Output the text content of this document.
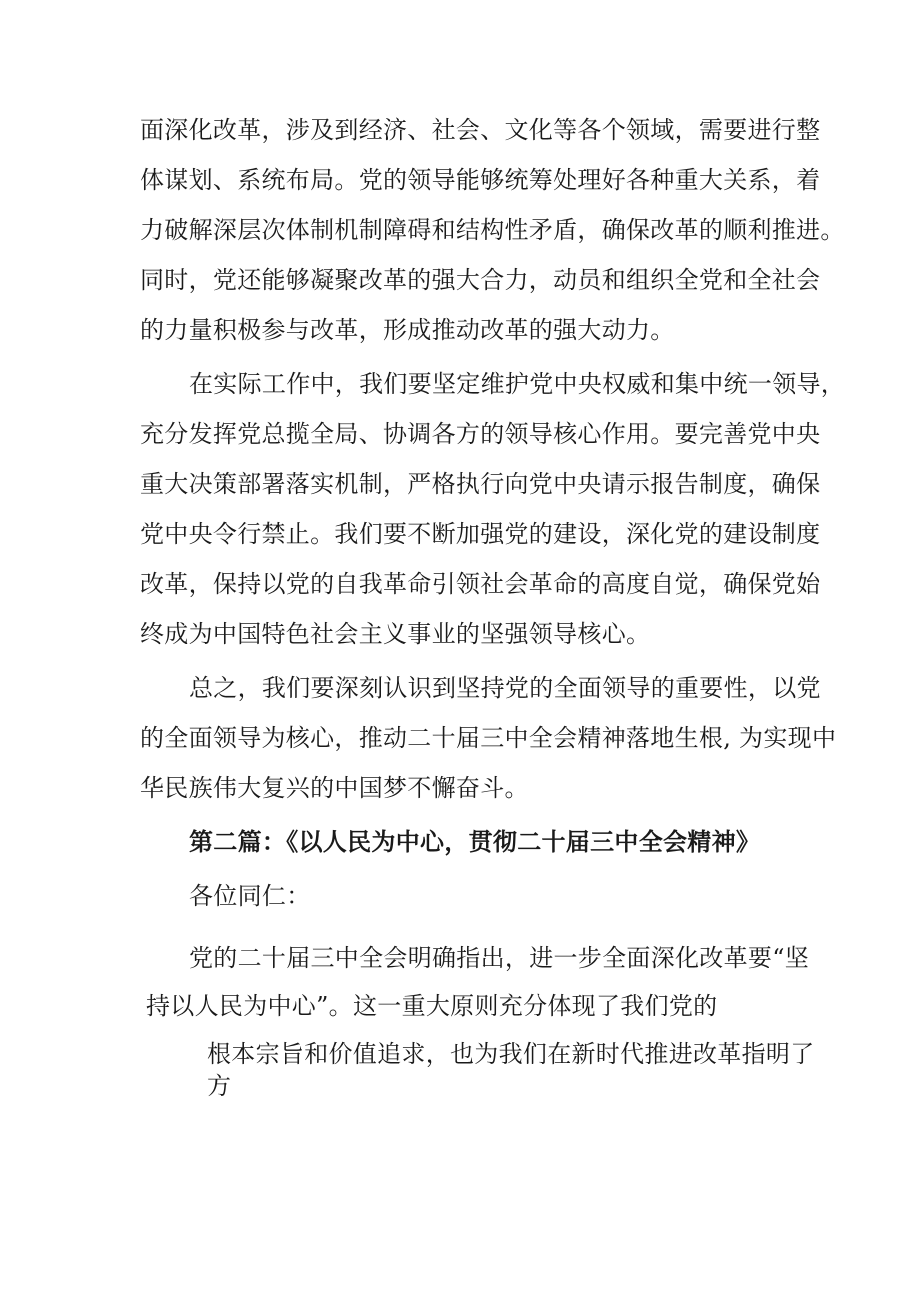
面深化改革，涉及到经济、社会、文化等各个领域，需要进行整

体谋划、系统布局。党的领导能够统筹处理好各种重大关系，着

力破解深层次体制机制障碍和结构性矛盾，确保改革的顺利推进。

同时，党还能够凝聚改革的强大合力，动员和组织全党和全社会

的力量积极参与改革，形成推动改革的强大动力。

在实际工作中，我们要坚定维护党中央权威和集中统一领导，

充分发挥党总揽全局、协调各方的领导核心作用。要完善党中央

重大决策部署落实机制，严格执行向党中央请示报告制度，确保

党中央令行禁止。我们要不断加强党的建设，深化党的建设制度

改革，保持以党的自我革命引领社会革命的高度自觉，确保党始

终成为中国特色社会主义事业的坚强领导核心。

总之，我们要深刻认识到坚持党的全面领导的重要性，以党

的全面领导为核心，推动二十届三中全会精神落地生根, 为实现中

华民族伟大复兴的中国梦不懈奋斗。

第二篇：《以人民为中心，贯彻二十届三中全会精神》

各位同仁：

党的二十届三中全会明确指出，进一步全面深化改革要“坚

持以人民为中心”。这一重大原则充分体现了我们党的

根本宗旨和价值追求，也为我们在新时代推进改革指明了

方
